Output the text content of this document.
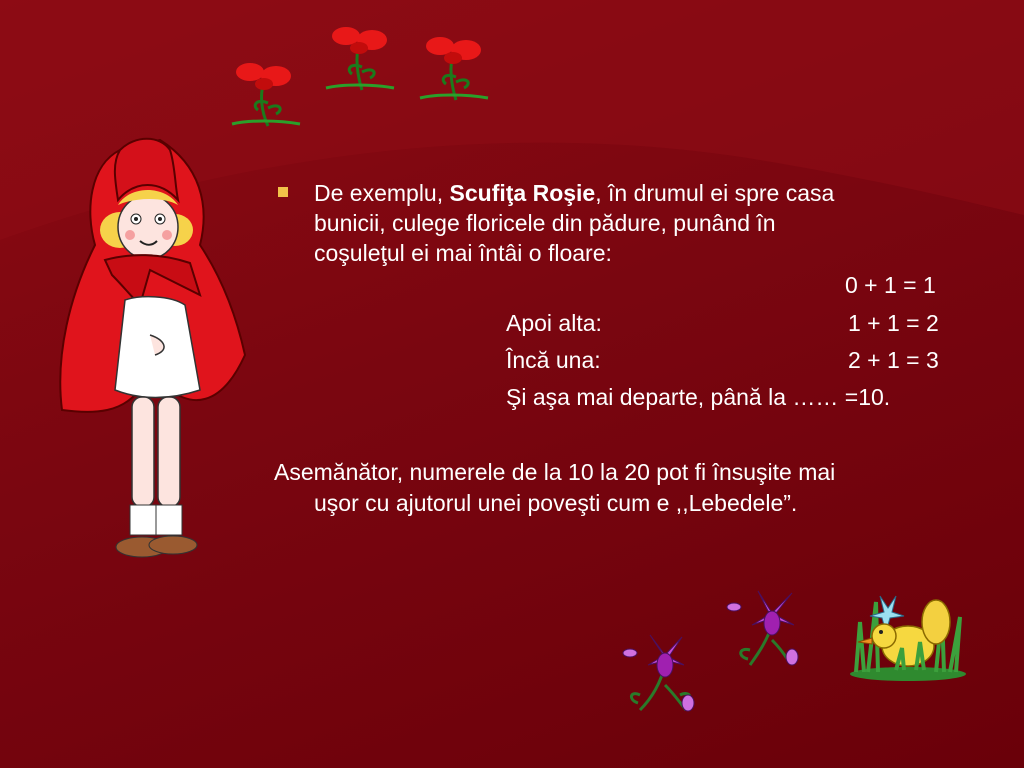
De exemplu, Scufiţa Roşie, în drumul ei spre casa
bunicii, culege floricele din pădure, punând în
coşuleţul ei mai întâi o floare:
0 + 1 = 1
Apoi alta:	1 + 1 = 2
Încă una:	2 + 1 = 3
Şi aşa mai departe, până la …… =10.
Asemănător, numerele de la 10 la 20 pot fi însuşite mai
uşor cu ajutorul unei poveşti cum e ,,Lebedele”.
